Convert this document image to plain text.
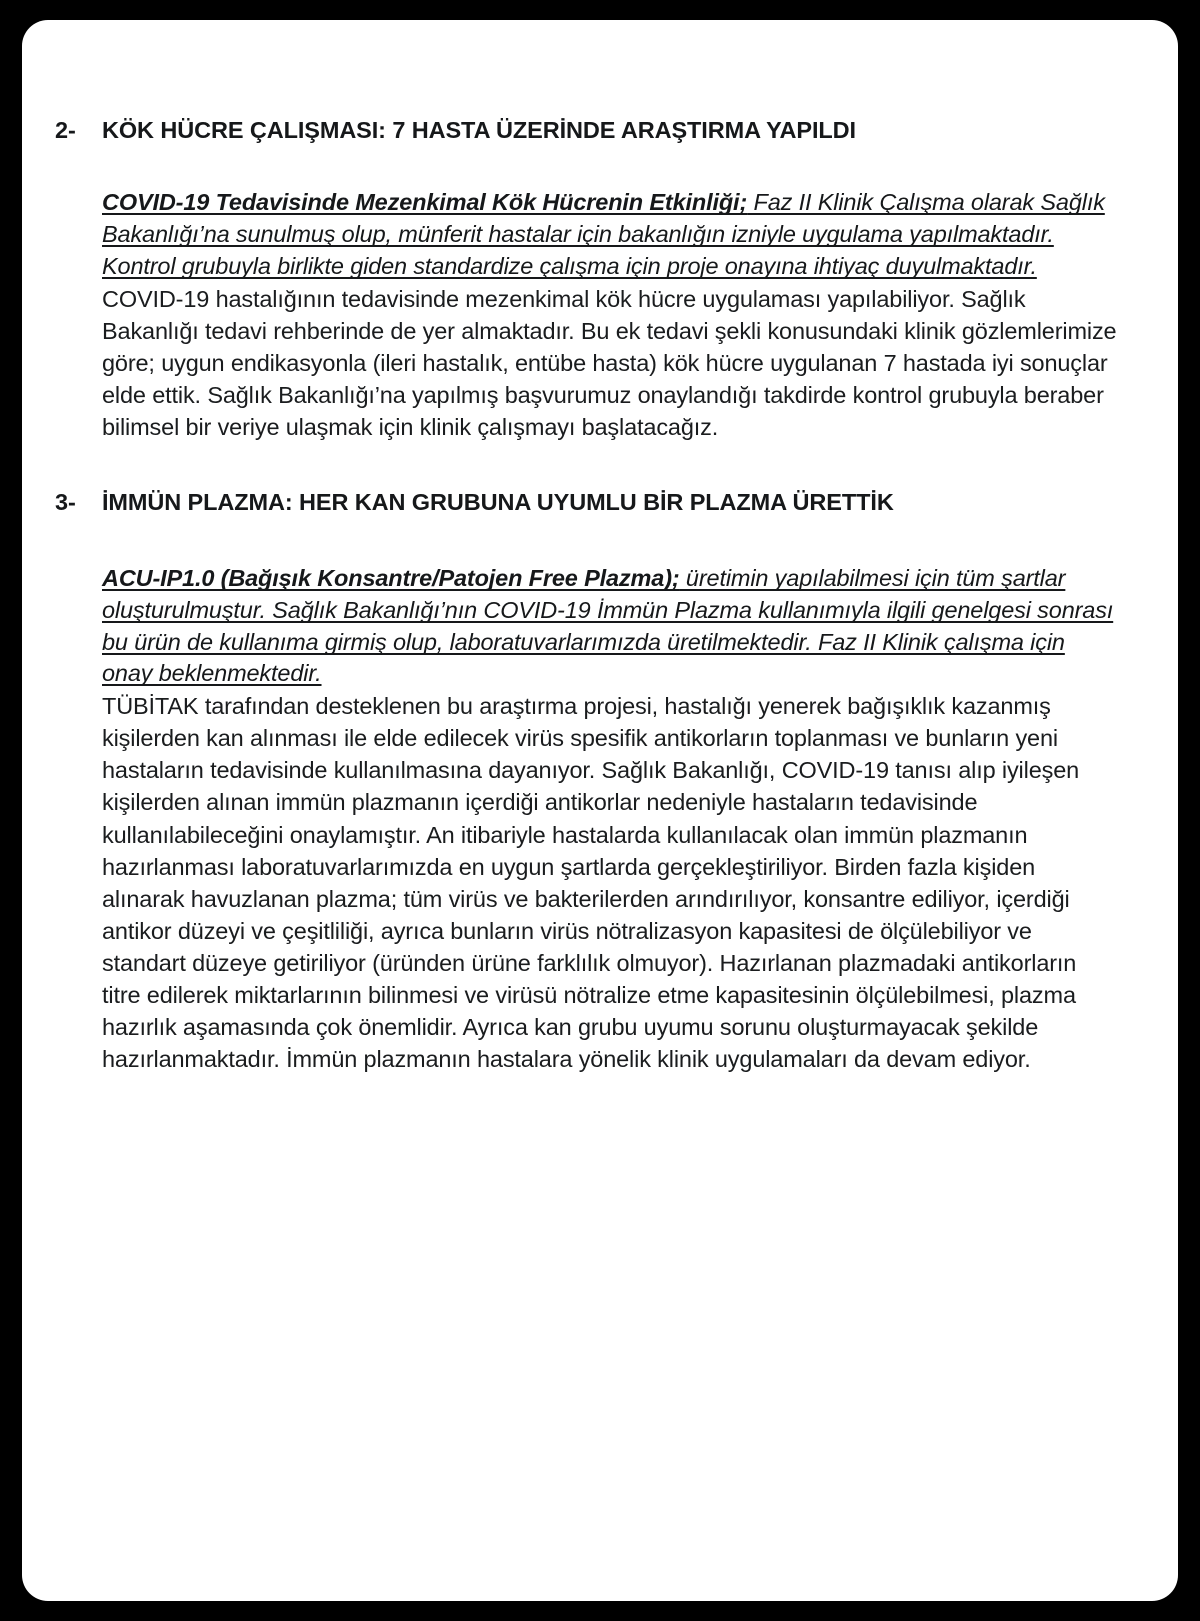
2-	KÖK HÜCRE ÇALIŞMASI: 7 HASTA ÜZERİNDE ARAŞTIRMA YAPILDI

COVID-19 Tedavisinde Mezenkimal Kök Hücrenin Etkinliği; Faz II Klinik Çalışma olarak Sağlık Bakanlığı’na sunulmuş olup, münferit hastalar için bakanlığın izniyle uygulama yapılmaktadır. Kontrol grubuyla birlikte giden standardize çalışma için proje onayına ihtiyaç duyulmaktadır.

COVID-19 hastalığının tedavisinde mezenkimal kök hücre uygulaması yapılabiliyor. Sağlık Bakanlığı tedavi rehberinde de yer almaktadır. Bu ek tedavi şekli konusundaki klinik gözlemlerimize göre; uygun endikasyonla (ileri hastalık, entübe hasta) kök hücre uygulanan 7 hastada iyi sonuçlar elde ettik. Sağlık Bakanlığı’na yapılmış başvurumuz onaylandığı takdirde kontrol grubuyla beraber bilimsel bir veriye ulaşmak için klinik çalışmayı başlatacağız.

3-	İMMÜN PLAZMA: HER KAN GRUBUNA UYUMLU BİR PLAZMA ÜRETTİK

ACU-IP1.0 (Bağışık Konsantre/Patojen Free Plazma); üretimin yapılabilmesi için tüm şartlar oluşturulmuştur. Sağlık Bakanlığı’nın COVID-19 İmmün Plazma kullanımıyla ilgili genelgesi sonrası bu ürün de kullanıma girmiş olup, laboratuvarlarımızda üretilmektedir. Faz II Klinik çalışma için onay beklenmektedir.

TÜBİTAK tarafından desteklenen bu araştırma projesi, hastalığı yenerek bağışıklık kazanmış kişilerden kan alınması ile elde edilecek virüs spesifik antikorların toplanması ve bunların yeni hastaların tedavisinde kullanılmasına dayanıyor. Sağlık Bakanlığı, COVID-19 tanısı alıp iyileşen kişilerden alınan immün plazmanın içerdiği antikorlar nedeniyle hastaların tedavisinde kullanılabileceğini onaylamıştır. An itibariyle hastalarda kullanılacak olan immün plazmanın hazırlanması laboratuvarlarımızda en uygun şartlarda gerçekleştiriliyor. Birden fazla kişiden alınarak havuzlanan plazma; tüm virüs ve bakterilerden arındırılıyor, konsantre ediliyor, içerdiği antikor düzeyi ve çeşitliliği, ayrıca bunların virüs nötralizasyon kapasitesi de ölçülebiliyor ve standart düzeye getiriliyor (üründen ürüne farklılık olmuyor). Hazırlanan plazmadaki antikorların titre edilerek miktarlarının bilinmesi ve virüsü nötralize etme kapasitesinin ölçülebilmesi, plazma hazırlık aşamasında çok önemlidir. Ayrıca kan grubu uyumu sorunu oluşturmayacak şekilde hazırlanmaktadır. İmmün plazmanın hastalara yönelik klinik uygulamaları da devam ediyor.
